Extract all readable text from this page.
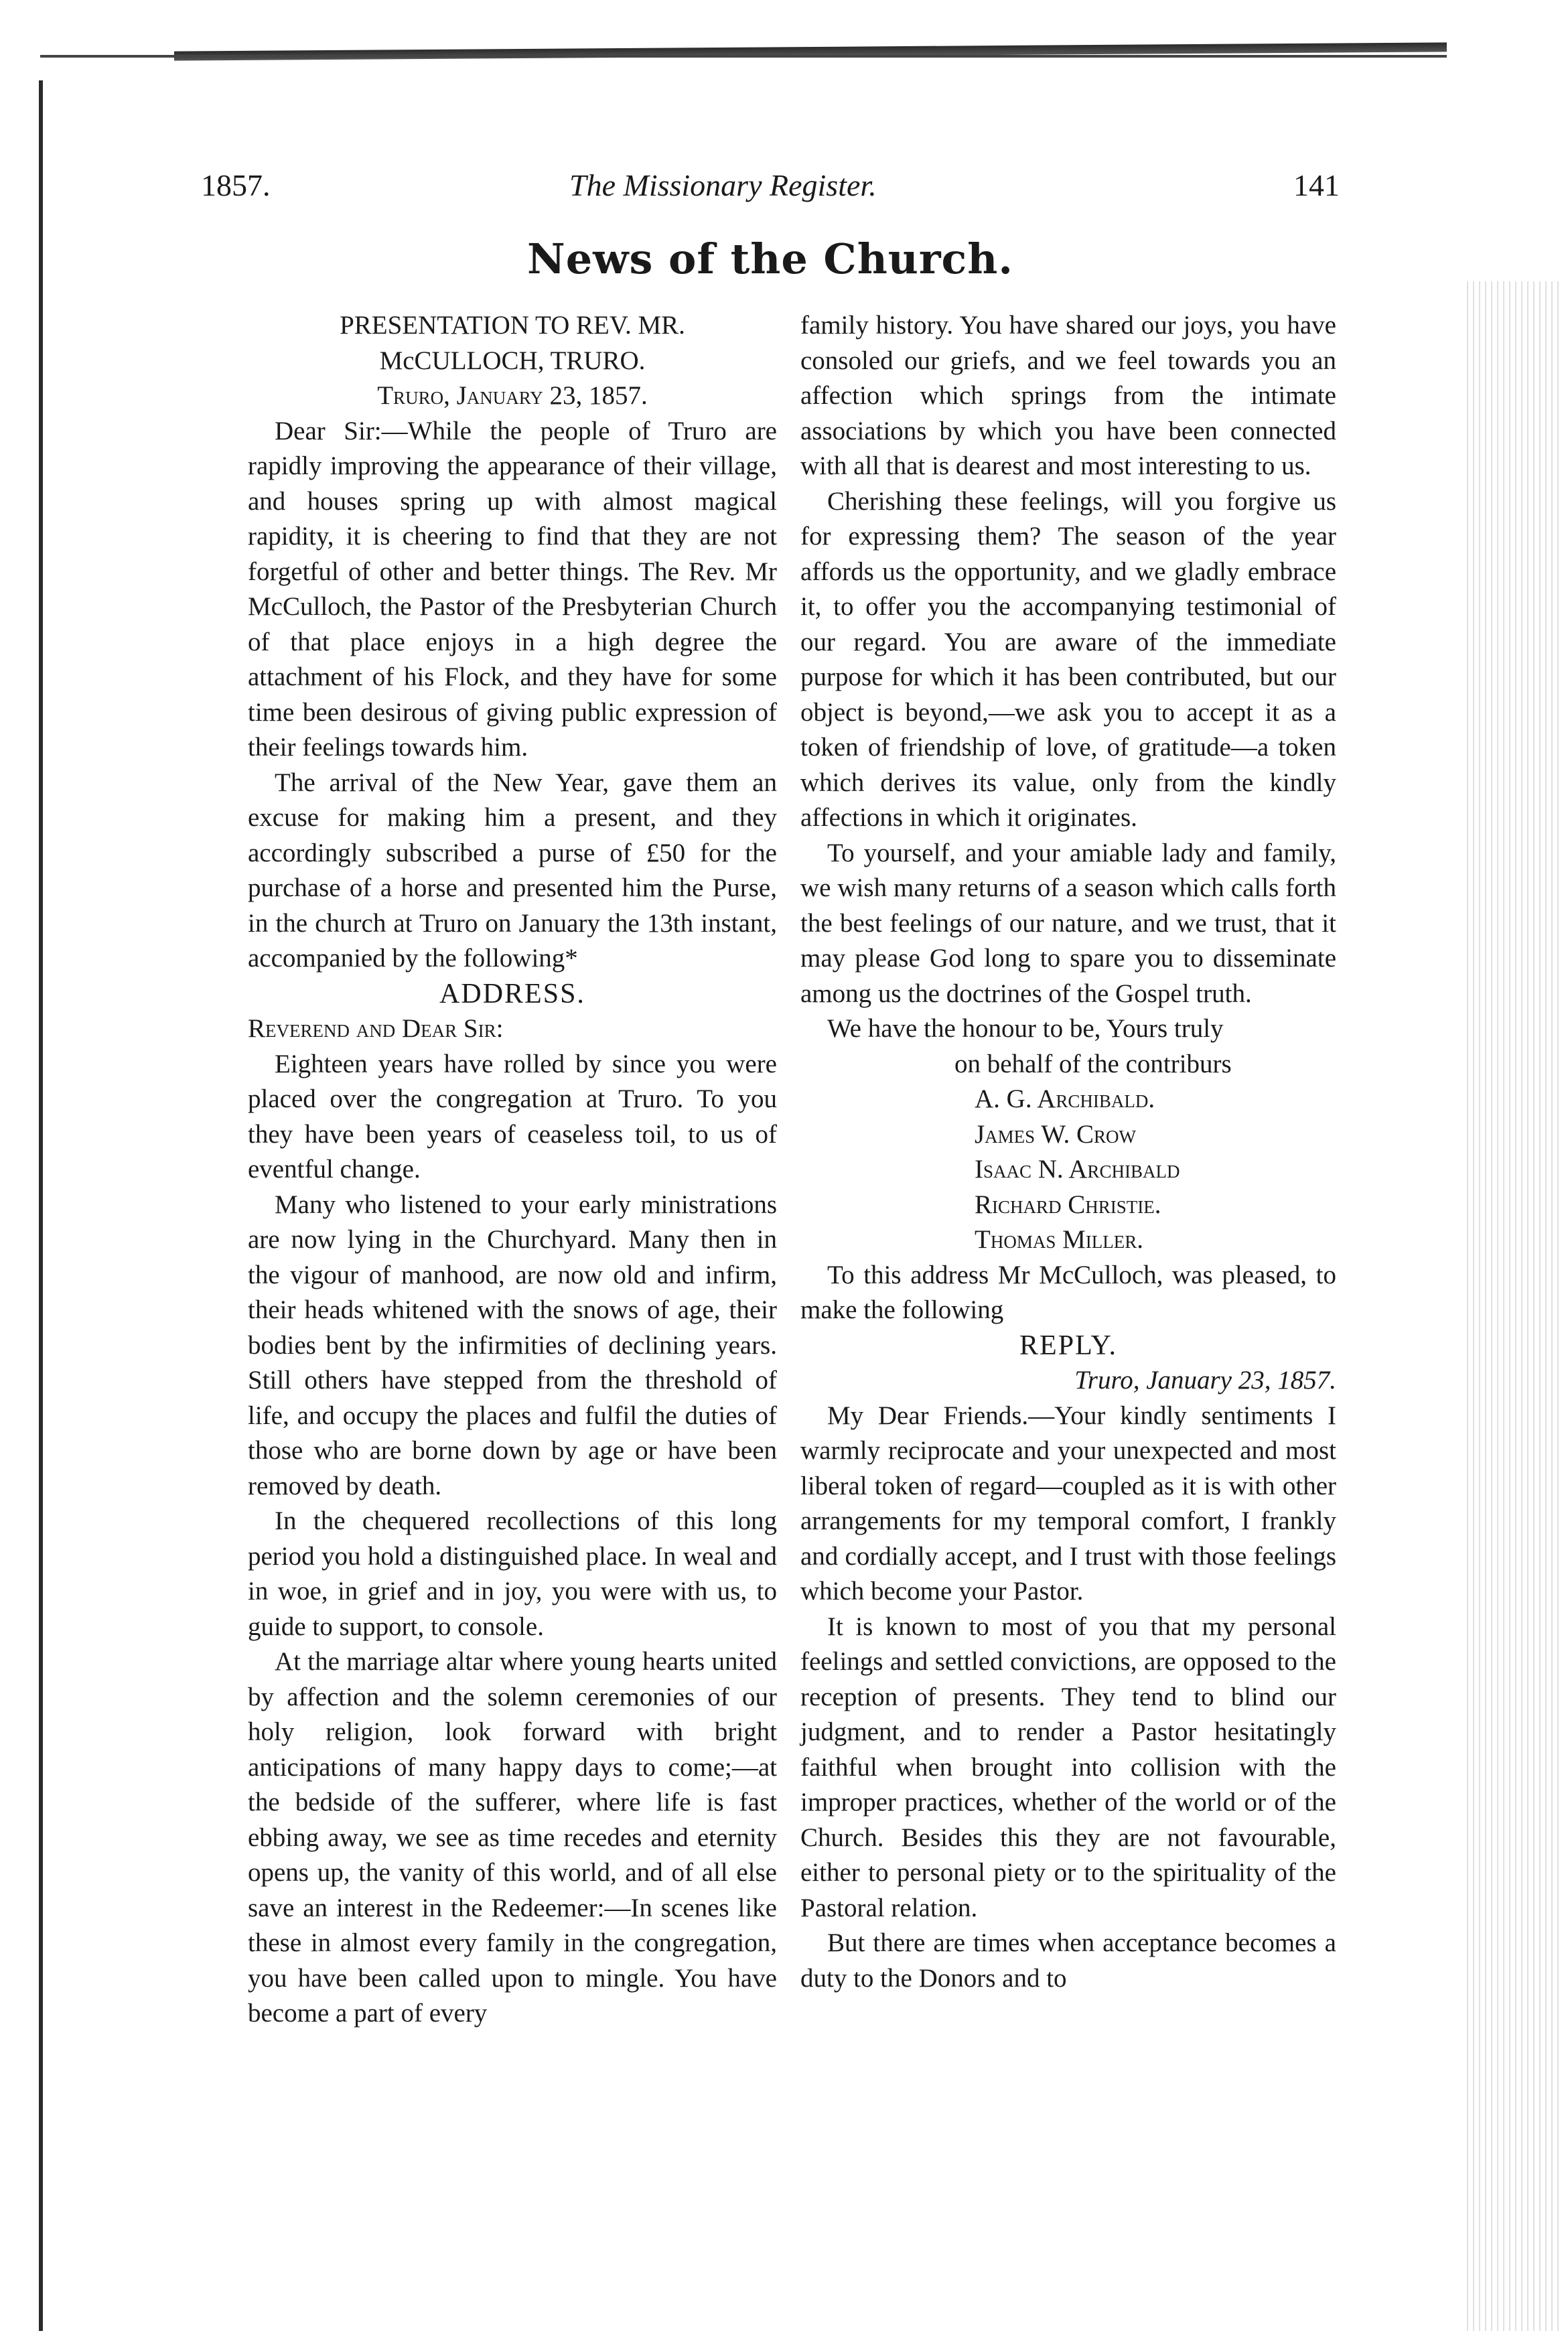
1857.	The Missionary Register.	141
News of the Church.

PRESENTATION TO REV. MR.

McCULLOCH, TRURO.

Truro, January 23, 1857.

Dear Sir:—While the people of Truro are rapidly improving the appearance of their village, and houses spring up with almost magical rapidity, it is cheering to find that they are not forgetful of other and better things. The Rev. Mr McCulloch, the Pastor of the Presbyterian Church of that place enjoys in a high degree the attachment of his Flock, and they have for some time been desirous of giving public expression of their feelings towards him.

The arrival of the New Year, gave them an excuse for making him a present, and they accordingly subscribed a purse of £50 for the purchase of a horse and presented him the Purse, in the church at Truro on January the 13th instant, accompanied by the following*

ADDRESS.

Reverend and Dear Sir:

Eighteen years have rolled by since you were placed over the congregation at Truro. To you they have been years of ceaseless toil, to us of eventful change.

Many who listened to your early ministrations are now lying in the Churchyard. Many then in the vigour of manhood, are now old and infirm, their heads whitened with the snows of age, their bodies bent by the infirmities of declining years. Still others have stepped from the threshold of life, and occupy the places and fulfil the duties of those who are borne down by age or have been removed by death.

In the chequered recollections of this long period you hold a distinguished place. In weal and in woe, in grief and in joy, you were with us, to guide to support, to console.

At the marriage altar where young hearts united by affection and the solemn ceremonies of our holy religion, look forward with bright anticipations of many happy days to come;—at the bedside of the sufferer, where life is fast ebbing away, we see as time recedes and eternity opens up, the vanity of this world, and of all else save an interest in the Redeemer:—In scenes like these in almost every family in the congregation, you have been called upon to mingle. You have become a part of every

family history. You have shared our joys, you have consoled our griefs, and we feel towards you an affection which springs from the intimate associations by which you have been connected with all that is dearest and most interesting to us.

Cherishing these feelings, will you forgive us for expressing them? The season of the year affords us the opportunity, and we gladly embrace it, to offer you the accompanying testimonial of our regard. You are aware of the immediate purpose for which it has been contributed, but our object is beyond,—we ask you to accept it as a token of friendship of love, of gratitude—a token which derives its value, only from the kindly affections in which it originates.

To yourself, and your amiable lady and family, we wish many returns of a season which calls forth the best feelings of our nature, and we trust, that it may please God long to spare you to disseminate among us the doctrines of the Gospel truth.

We have the honour to be, Yours truly

on behalf of the contriburs

A. G. Archibald.

James W. Crow

Isaac N. Archibald

Richard Christie.

Thomas Miller.

To this address Mr McCulloch, was pleased, to make the following

REPLY.

Truro, January 23, 1857.

My Dear Friends.—Your kindly sentiments I warmly reciprocate and your unexpected and most liberal token of regard—coupled as it is with other arrangements for my temporal comfort, I frankly and cordially accept, and I trust with those feelings which become your Pastor.

It is known to most of you that my personal feelings and settled convictions, are opposed to the reception of presents. They tend to blind our judgment, and to render a Pastor hesitatingly faithful when brought into collision with the improper practices, whether of the world or of the Church. Besides this they are not favourable, either to personal piety or to the spirituality of the Pastoral relation.

But there are times when acceptance becomes a duty to the Donors and to
